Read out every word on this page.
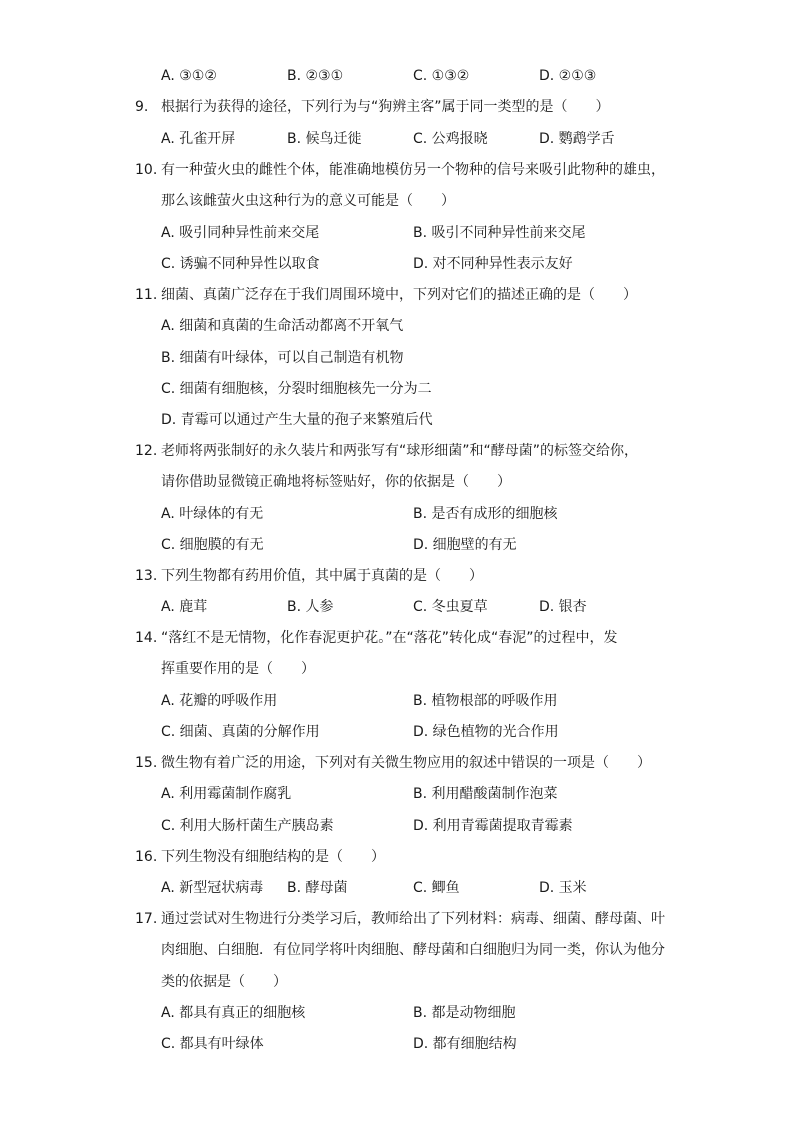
A. ③①②	B. ②③①	C. ①③②	D. ②①③
9. 根据行为获得的途径，下列行为与“狗辨主客”属于同一类型的是（　　）
A. 孔雀开屏	B. 候鸟迁徙	C. 公鸡报晓	D. 鹦鹉学舌
10. 有一种萤火虫的雌性个体，能准确地模仿另一个物种的信号来吸引此物种的雄虫，
那么该雌萤火虫这种行为的意义可能是（　　）
A. 吸引同种异性前来交尾	B. 吸引不同种异性前来交尾
C. 诱骗不同种异性以取食	D. 对不同种异性表示友好
11. 细菌、真菌广泛存在于我们周围环境中，下列对它们的描述正确的是（　　）
A. 细菌和真菌的生命活动都离不开氧气
B. 细菌有叶绿体，可以自己制造有机物
C. 细菌有细胞核，分裂时细胞核先一分为二
D. 青霉可以通过产生大量的孢子来繁殖后代
12. 老师将两张制好的永久装片和两张写有“球形细菌”和“酵母菌”的标签交给你，
请你借助显微镜正确地将标签贴好，你的依据是（　　）
A. 叶绿体的有无	B. 是否有成形的细胞核
C. 细胞膜的有无	D. 细胞壁的有无
13. 下列生物都有药用价值，其中属于真菌的是（　　）
A. 鹿茸	B. 人参	C. 冬虫夏草	D. 银杏
14. “落红不是无情物，化作春泥更护花。”在“落花”转化成“春泥”的过程中，发
挥重要作用的是（　　）
A. 花瓣的呼吸作用	B. 植物根部的呼吸作用
C. 细菌、真菌的分解作用	D. 绿色植物的光合作用
15. 微生物有着广泛的用途，下列对有关微生物应用的叙述中错误的一项是（　　）
A. 利用霉菌制作腐乳	B. 利用醋酸菌制作泡菜
C. 利用大肠杆菌生产胰岛素	D. 利用青霉菌提取青霉素
16. 下列生物没有细胞结构的是（　　）
A. 新型冠状病毒 B. 酵母菌	C. 鲫鱼	D. 玉米
17. 通过尝试对生物进行分类学习后，教师给出了下列材料：病毒、细菌、酵母菌、叶
肉细胞、白细胞．有位同学将叶肉细胞、酵母菌和白细胞归为同一类，你认为他分
类的依据是（　　）
A. 都具有真正的细胞核	B. 都是动物细胞
C. 都具有叶绿体	D. 都有细胞结构
